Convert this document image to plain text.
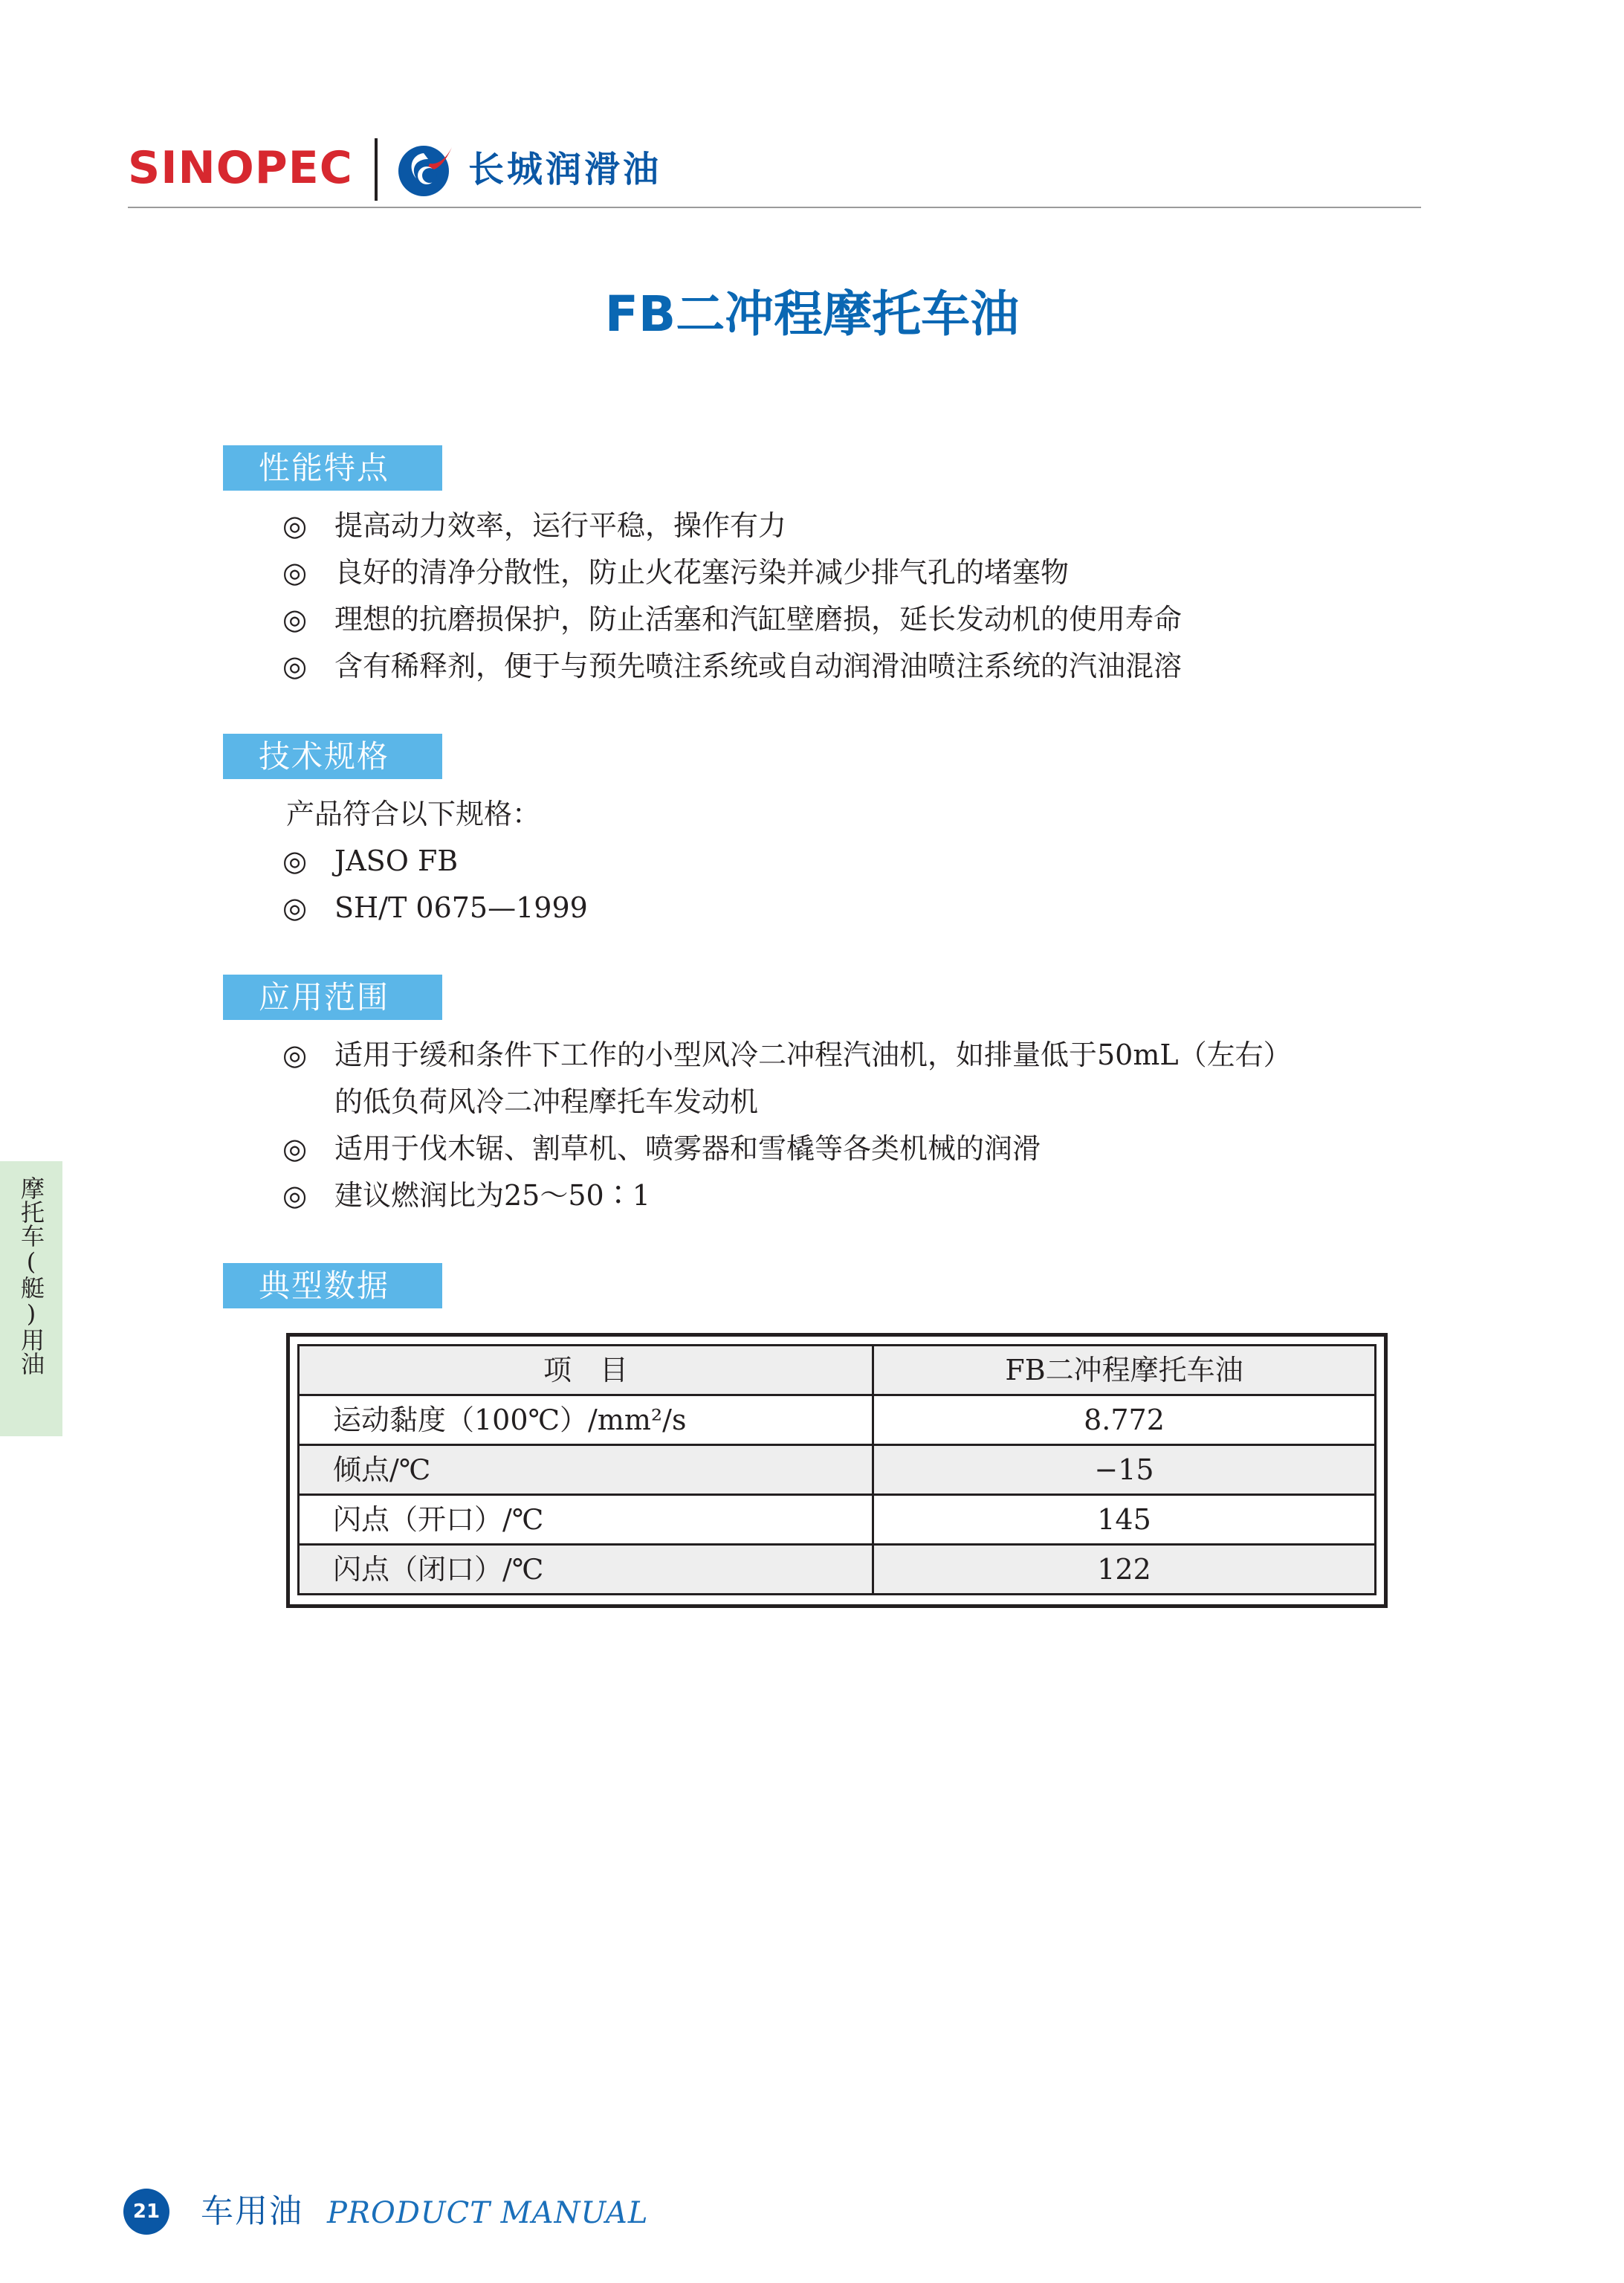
SINOPEC	长城润滑油
FB二冲程摩托车油
性能特点
◎ 提高动力效率，运行平稳，操作有力
◎ 良好的清净分散性，防止火花塞污染并减少排气孔的堵塞物
◎ 理想的抗磨损保护，防止活塞和汽缸壁磨损，延长发动机的使用寿命
◎ 含有稀释剂，便于与预先喷注系统或自动润滑油喷注系统的汽油混溶
技术规格
产品符合以下规格：
◎ JASO FB
◎ SH/T 0675—1999
应用范围
◎ 适用于缓和条件下工作的小型风冷二冲程汽油机，如排量低于50mL（左右）
的低负荷风冷二冲程摩托车发动机
◎ 适用于伐木锯、割草机、喷雾器和雪橇等各类机械的润滑
◎ 建议燃润比为25～50∶1
摩托车(艇)用油	典型数据
项　目	FB二冲程摩托车油
运动黏度（100℃）/mm²/s	8.772
倾点/℃	−15
闪点（开口）/℃	145
闪点（闭口）/℃	122
21 车用油 PRODUCT MANUAL
